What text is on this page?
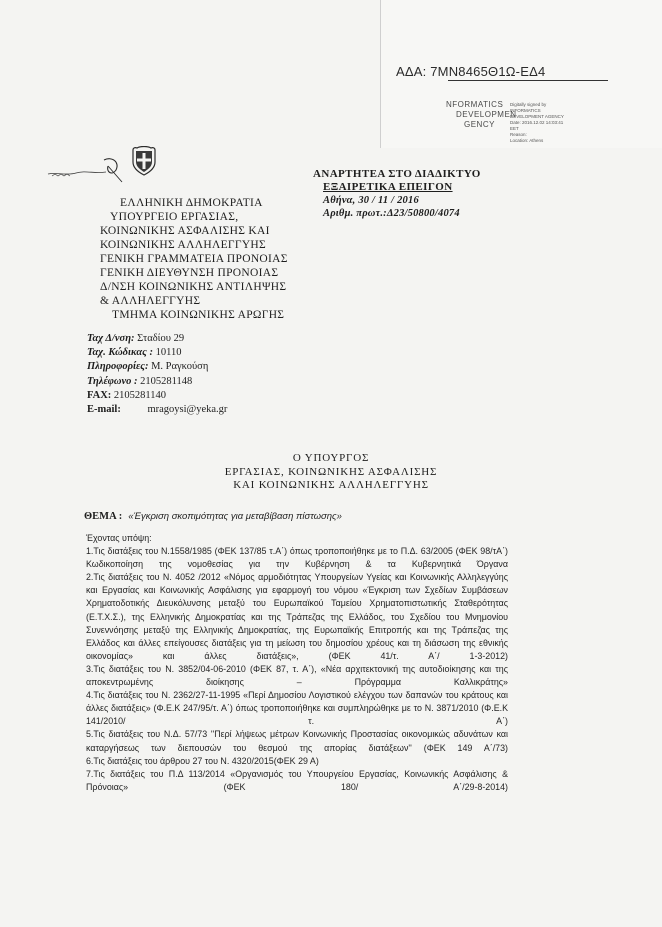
ΑΔΑ: 7ΜΝ8465Θ1Ω-ΕΔ4
NFORMATICS
DEVELOPMEN
GENCY
Digitally signed by
INFORMATICS
DEVELOPMENT AGENCY
Date: 2016.12.02 14:03:41
EET
Reason:
Location: Athens
ΕΛΛΗΝΙΚΗ ΔΗΜΟΚΡΑΤΙΑ
ΥΠΟΥΡΓΕΙΟ ΕΡΓΑΣΙΑΣ,
ΚΟΙΝΩΝΙΚΗΣ ΑΣΦΑΛΙΣΗΣ ΚΑΙ
ΚΟΙΝΩΝΙΚΗΣ ΑΛΛΗΛΕΓΓΥΗΣ
ΓΕΝΙΚΗ ΓΡΑΜΜΑΤΕΙΑ ΠΡΟΝΟΙΑΣ
ΓΕΝΙΚΗ ΔΙΕΥΘΥΝΣΗ ΠΡΟΝΟΙΑΣ
Δ/ΝΣΗ ΚΟΙΝΩΝΙΚΗΣ ΑΝΤΙΛΗΨΗΣ
& ΑΛΛΗΛΕΓΓΥΗΣ
ΤΜΗΜΑ ΚΟΙΝΩΝΙΚΗΣ ΑΡΩΓΗΣ
ΑΝΑΡΤΗΤΕΑ ΣΤΟ ΔΙΑΔΙΚΤΥΟ
ΕΞΑΙΡΕΤΙΚΑ ΕΠΕΙΓΟΝ
Αθήνα, 30 / 11 / 2016
Αριθμ. πρωτ.:Δ23/50800/4074
Ταχ Δ/νση: Σταδίου 29
Ταχ. Κώδικας : 10110
Πληροφορίες: Μ. Ραγκούση
Τηλέφωνο : 2105281148
FAX: 2105281140
E-mail:	mragoysi@yeka.gr
Ο ΥΠΟΥΡΓΟΣ
ΕΡΓΑΣΙΑΣ, ΚΟΙΝΩΝΙΚΗΣ ΑΣΦΑΛΙΣΗΣ
ΚΑΙ ΚΟΙΝΩΝΙΚΗΣ ΑΛΛΗΛΕΓΓΥΗΣ
ΘΕΜΑ : «Έγκριση σκοπιμότητας για μεταβίβαση πίστωσης»
Έχοντας υπόψη:
1.Τις διατάξεις του Ν.1558/1985 (ΦΕΚ 137/85 τ.Α΄) όπως τροποποιήθηκε με το Π.Δ. 63/2005 (ΦΕΚ 98/τΑ΄) Κωδικοποίηση της νομοθεσίας για την Κυβέρνηση & τα Κυβερνητικά Όργανα
2.Τις διατάξεις του Ν. 4052 /2012 «Νόμος αρμοδιότητας Υπουργείων Υγείας και Κοινωνικής Αλληλεγγύης και Εργασίας και Κοινωνικής Ασφάλισης για εφαρμογή του νόμου «Έγκριση των Σχεδίων Συμβάσεων Χρηματοδοτικής Διευκόλυνσης μεταξύ του Ευρωπαϊκού Ταμείου Χρηματοπιστωτικής Σταθερότητας (Ε.Τ.Χ.Σ.), της Ελληνικής Δημοκρατίας και της Τράπεζας της Ελλάδος, του Σχεδίου του Μνημονίου Συνεννόησης μεταξύ της Ελληνικής Δημοκρατίας, της Ευρωπαϊκής Επιτροπής και της Τράπεζας της Ελλάδος και άλλες επείγουσες διατάξεις για τη μείωση του δημοσίου χρέους και τη διάσωση της εθνικής οικονομίας» και άλλες διατάξεις», (ΦΕΚ 41/τ. Α΄/ 1-3-2012)
3.Τις διατάξεις του Ν. 3852/04-06-2010 (ΦΕΚ 87, τ. Α΄), «Νέα αρχιτεκτονική της αυτοδιοίκησης και της αποκεντρωμένης διοίκησης – Πρόγραμμα Καλλικράτης»
4.Τις διατάξεις του Ν. 2362/27-11-1995 «Περί Δημοσίου Λογιστικού ελέγχου των δαπανών του κράτους και άλλες διατάξεις» (Φ.Ε.Κ 247/95/τ. Α΄) όπως τροποποιήθηκε και συμπληρώθηκε με το Ν. 3871/2010 (Φ.Ε.Κ 141/2010/ τ. Α΄)
5.Τις διατάξεις του Ν.Δ. 57/73 ''Περί λήψεως μέτρων Κοινωνικής Προστασίας οικονομικώς αδυνάτων και καταργήσεως των διεπουσών του θεσμού της απορίας διατάξεων'' (ΦΕΚ 149 Α΄/73)
6.Τις διατάξεις του άρθρου 27 του Ν. 4320/2015(ΦΕΚ 29 Α)
7.Τις διατάξεις του Π.Δ 113/2014 «Οργανισμός του Υπουργείου Εργασίας, Κοινωνικής Ασφάλισης & Πρόνοιας» (ΦΕΚ 180/ Α΄/29-8-2014)
